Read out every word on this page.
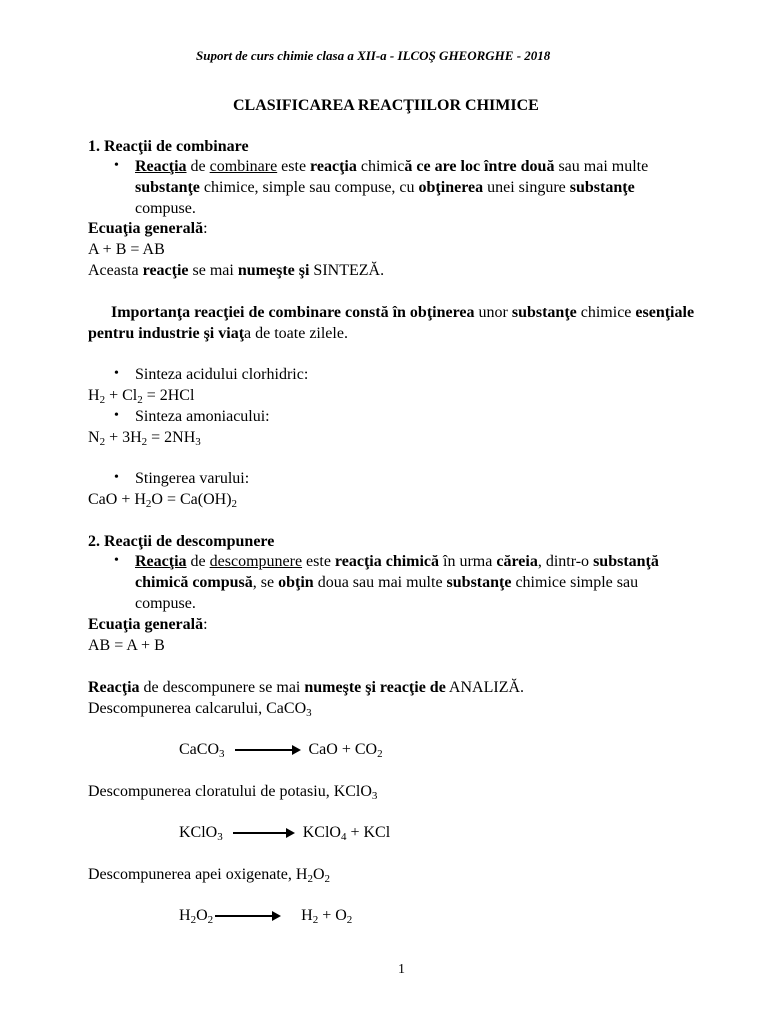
Suport de curs chimie clasa a XII-a - ILCOŞ GHEORGHE - 2018
CLASIFICAREA REACŢIILOR CHIMICE
1. Reacţii de combinare
• Reacţia de combinare este reacţia chimică ce are loc între două sau mai multe
substanţe chimice, simple sau compuse, cu obţinerea unei singure substanţe
compuse.
Ecuaţia generală:
A + B = AB
Aceasta reacţie se mai numeşte şi SINTEZĂ.
Importanţa reacţiei de combinare constă în obţinerea unor substanţe chimice esenţiale
pentru industrie şi viaţa de toate zilele.
• Sinteza acidului clorhidric:
$H_2 + Cl_2 = 2HCl$
• Sinteza amoniacului:
$N_2 + 3H_2 = 2NH_3$
• Stingerea varului:
CaO + $H_2O = Ca(OH)_2$
2. Reacţii de descompunere
• Reacţia de descompunere este reacţia chimică în urma căreia, dintr-o substanţă
chimică compusă, se obţin doua sau mai multe substanţe chimice simple sau
compuse.
Ecuaţia generală:
AB = A + B
Reacţia de descompunere se mai numeşte şi reacţie de ANALIZĂ.
Descompunerea calcarului, CaCO$_3$
CaCO$_3$ → CaO + $CO_2$
Descompunerea cloratului de potasiu, KClO$_3$
KClO$_3$ → KClO$_4$ + KCl
Descompunerea apei oxigenate, $H_2O_2$
$H_2O_2 \to H_2 + O_2$
1
